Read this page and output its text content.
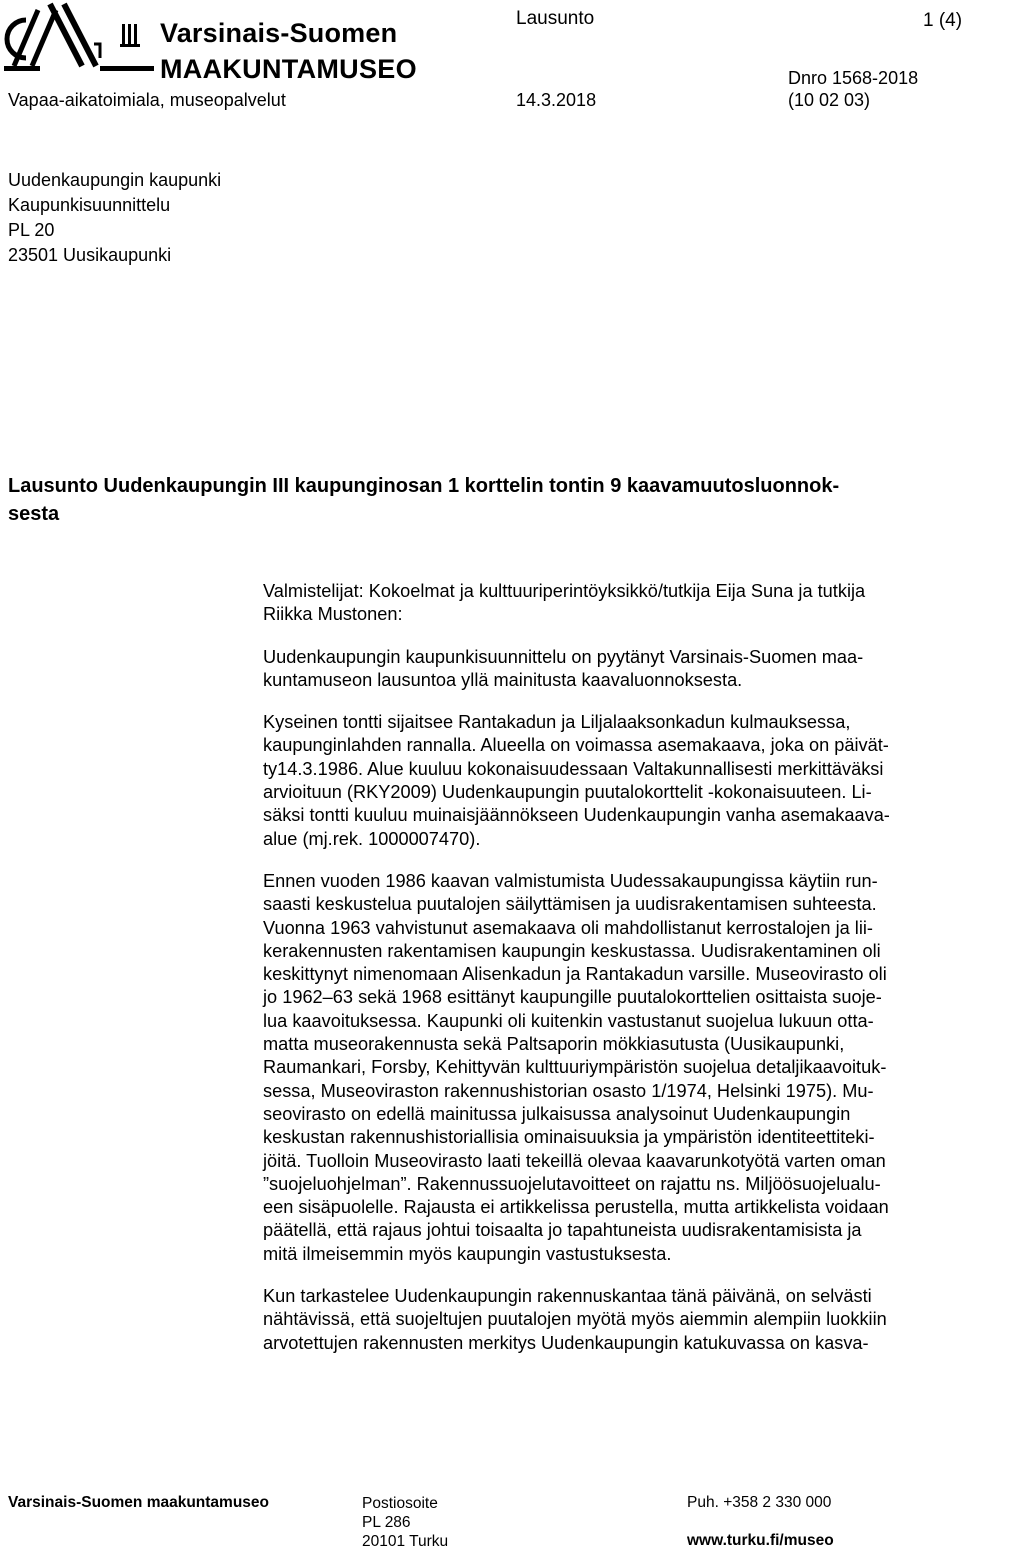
Varsinais-Suomen
MAAKUNTAMUSEO
Vapaa-aikatoimiala, museopalvelut
Lausunto
14.3.2018
1 (4)
Dnro 1568-2018
(10 02 03)
Uudenkaupungin kaupunki
Kaupunkisuunnittelu
PL 20
23501 Uusikaupunki
Lausunto Uudenkaupungin III kaupunginosan 1 korttelin tontin 9 kaavamuutosluonnok-
sesta
Valmistelijat: Kokoelmat ja kulttuuriperintöyksikkö/tutkija Eija Suna ja tutkija
Riikka Mustonen:
Uudenkaupungin kaupunkisuunnittelu on pyytänyt Varsinais-Suomen maa-
kuntamuseon lausuntoa yllä mainitusta kaavaluonnoksesta.
Kyseinen tontti sijaitsee Rantakadun ja Liljalaaksonkadun kulmauksessa,
kaupunginlahden rannalla. Alueella on voimassa asemakaava, joka on päivät-
ty14.3.1986. Alue kuuluu kokonaisuudessaan Valtakunnallisesti merkittäväksi
arvioituun (RKY2009) Uudenkaupungin puutalokorttelit -kokonaisuuteen. Li-
säksi tontti kuuluu muinaisjäännökseen Uudenkaupungin vanha asemakaava-
alue (mj.rek. 1000007470).
Ennen vuoden 1986 kaavan valmistumista Uudessakaupungissa käytiin run-
saasti keskustelua puutalojen säilyttämisen ja uudisrakentamisen suhteesta.
Vuonna 1963 vahvistunut asemakaava oli mahdollistanut kerrostalojen ja lii-
kerakennusten rakentamisen kaupungin keskustassa. Uudisrakentaminen oli
keskittynyt nimenomaan Alisenkadun ja Rantakadun varsille. Museovirasto oli
jo 1962–63 sekä 1968 esittänyt kaupungille puutalokorttelien osittaista suoje-
lua kaavoituksessa. Kaupunki oli kuitenkin vastustanut suojelua lukuun otta-
matta museorakennusta sekä Paltsaporin mökkiasutusta (Uusikaupunki,
Raumankari, Forsby, Kehittyvän kulttuuriympäristön suojelua detaljikaavoituk-
sessa, Museoviraston rakennushistorian osasto 1/1974, Helsinki 1975). Mu-
seovirasto on edellä mainitussa julkaisussa analysoinut Uudenkaupungin
keskustan rakennushistoriallisia ominaisuuksia ja ympäristön identiteettiteki-
jöitä. Tuolloin Museovirasto laati tekeillä olevaa kaavarunkotyötä varten oman
”suojeluohjelman”. Rakennussuojelutavoitteet on rajattu ns. Miljöösuojelualu-
een sisäpuolelle. Rajausta ei artikkelissa perustella, mutta artikkelista voidaan
päätellä, että rajaus johtui toisaalta jo tapahtuneista uudisrakentamisista ja
mitä ilmeisemmin myös kaupungin vastustuksesta.
Kun tarkastelee Uudenkaupungin rakennuskantaa tänä päivänä, on selvästi
nähtävissä, että suojeltujen puutalojen myötä myös aiemmin alempiin luokkiin
arvotettujen rakennusten merkitys Uudenkaupungin katukuvassa on kasva-
Varsinais-Suomen maakuntamuseo	Postiosoite
PL 286
20101 Turku
Puh. +358 2 330 000
www.turku.fi/museo
